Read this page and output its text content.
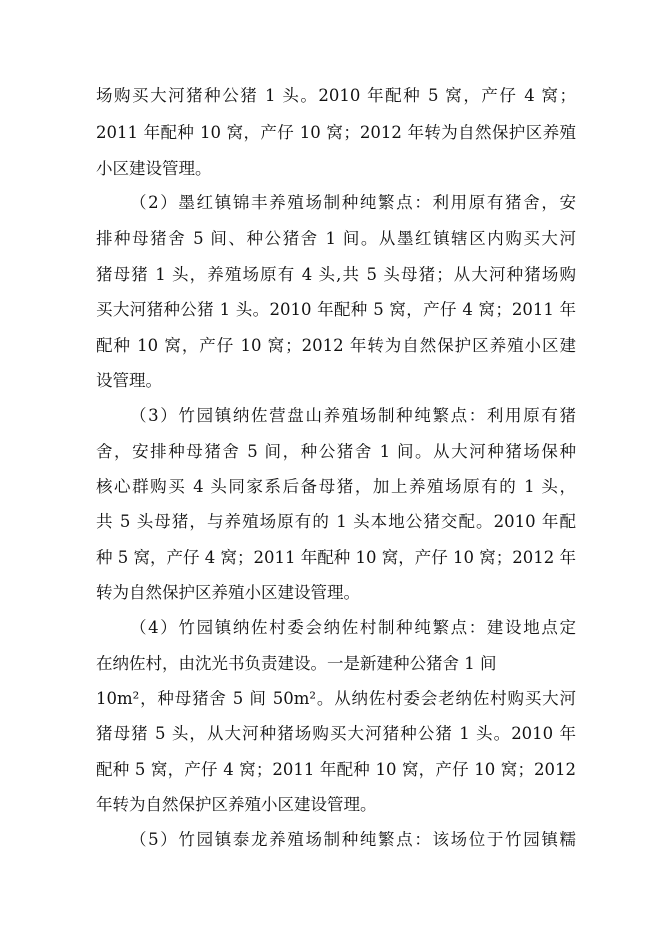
场购买大河猪种公猪 1 头。2010 年配种 5 窝，产仔 4 窝；
2011 年配种 10 窝，产仔 10 窝；2012 年转为自然保护区养殖
小区建设管理。
（2）墨红镇锦丰养殖场制种纯繁点：利用原有猪舍，安
排种母猪舍 5 间、种公猪舍 1 间。从墨红镇辖区内购买大河
猪母猪 1 头，养殖场原有 4 头,共 5 头母猪；从大河种猪场购
买大河猪种公猪 1 头。2010 年配种 5 窝，产仔 4 窝；2011 年
配种 10 窝，产仔 10 窝；2012 年转为自然保护区养殖小区建
设管理。
（3）竹园镇纳佐营盘山养殖场制种纯繁点：利用原有猪
舍，安排种母猪舍 5 间，种公猪舍 1 间。从大河种猪场保种
核心群购买 4 头同家系后备母猪，加上养殖场原有的 1 头，
共 5 头母猪，与养殖场原有的 1 头本地公猪交配。2010 年配
种 5 窝，产仔 4 窝；2011 年配种 10 窝，产仔 10 窝；2012 年
转为自然保护区养殖小区建设管理。
（4）竹园镇纳佐村委会纳佐村制种纯繁点：建设地点定
在纳佐村，由沈光书负责建设。一是新建种公猪舍 1 间
10m²，种母猪舍 5 间 50m²。从纳佐村委会老纳佐村购买大河
猪母猪 5 头，从大河种猪场购买大河猪种公猪 1 头。2010 年
配种 5 窝，产仔 4 窝；2011 年配种 10 窝，产仔 10 窝；2012
年转为自然保护区养殖小区建设管理。
（5）竹园镇泰龙养殖场制种纯繁点：该场位于竹园镇糯
